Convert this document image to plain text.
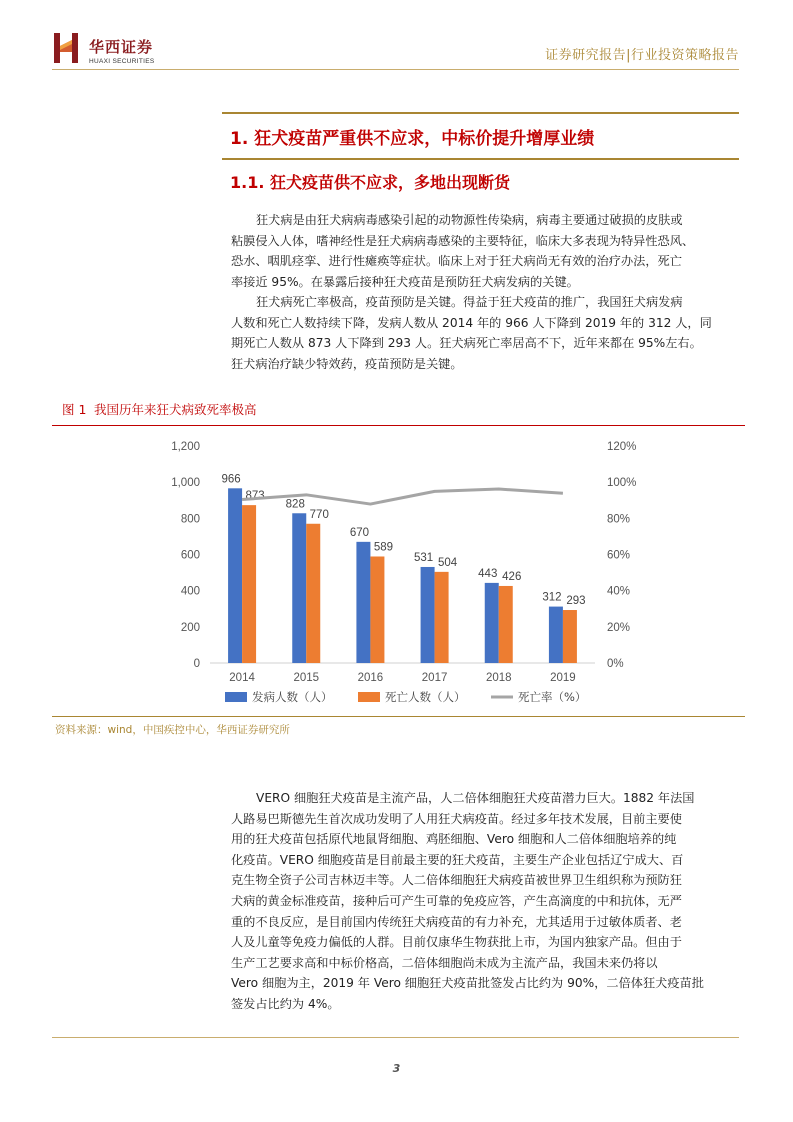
华西证券
HUAXI SECURITIES	证券研究报告|行业投资策略报告
1. 狂犬疫苗严重供不应求，中标价提升增厚业绩
1.1. 狂犬疫苗供不应求，多地出现断货
狂犬病是由狂犬病病毒感染引起的动物源性传染病，病毒主要通过破损的皮肤或
粘膜侵入人体，嗜神经性是狂犬病病毒感染的主要特征，临床大多表现为特异性恐风、
恐水、咽肌痉挛、进行性瘫痪等症状。临床上对于狂犬病尚无有效的治疗办法，死亡
率接近 95%。在暴露后接种狂犬疫苗是预防狂犬病发病的关键。
狂犬病死亡率极高，疫苗预防是关键。得益于狂犬疫苗的推广，我国狂犬病发病
人数和死亡人数持续下降，发病人数从 2014 年的 966 人下降到 2019 年的 312 人，同
期死亡人数从 873 人下降到 293 人。狂犬病死亡率居高不下，近年来都在 95%左右。
狂犬病治疗缺少特效药，疫苗预防是关键。
图 1 我国历年来狂犬病致死率极高
0
200
400
600
800
1,000
1,200
0%
20%
40%
60%
80%
100%
120%
2014
966
873
2015
828
770
2016
670
589
2017
531 504
2018
443 426
2019
312 293
发病人数（人）	死亡人数（人）	死亡率（%）
资料来源：wind，中国疾控中心，华西证券研究所
VERO 细胞狂犬疫苗是主流产品，人二倍体细胞狂犬疫苗潜力巨大。1882 年法国
人路易巴斯德先生首次成功发明了人用狂犬病疫苗。经过多年技术发展，目前主要使
用的狂犬疫苗包括原代地鼠肾细胞、鸡胚细胞、Vero 细胞和人二倍体细胞培养的纯
化疫苗。VERO 细胞疫苗是目前最主要的狂犬疫苗，主要生产企业包括辽宁成大、百
克生物全资子公司吉林迈丰等。人二倍体细胞狂犬病疫苗被世界卫生组织称为预防狂
犬病的黄金标准疫苗，接种后可产生可靠的免疫应答，产生高滴度的中和抗体，无严
重的不良反应，是目前国内传统狂犬病疫苗的有力补充，尤其适用于过敏体质者、老
人及儿童等免疫力偏低的人群。目前仅康华生物获批上市，为国内独家产品。但由于
生产工艺要求高和中标价格高，二倍体细胞尚未成为主流产品，我国未来仍将以
Vero 细胞为主，2019 年 Vero 细胞狂犬疫苗批签发占比约为 90%，二倍体狂犬疫苗批
签发占比约为 4%。
3
